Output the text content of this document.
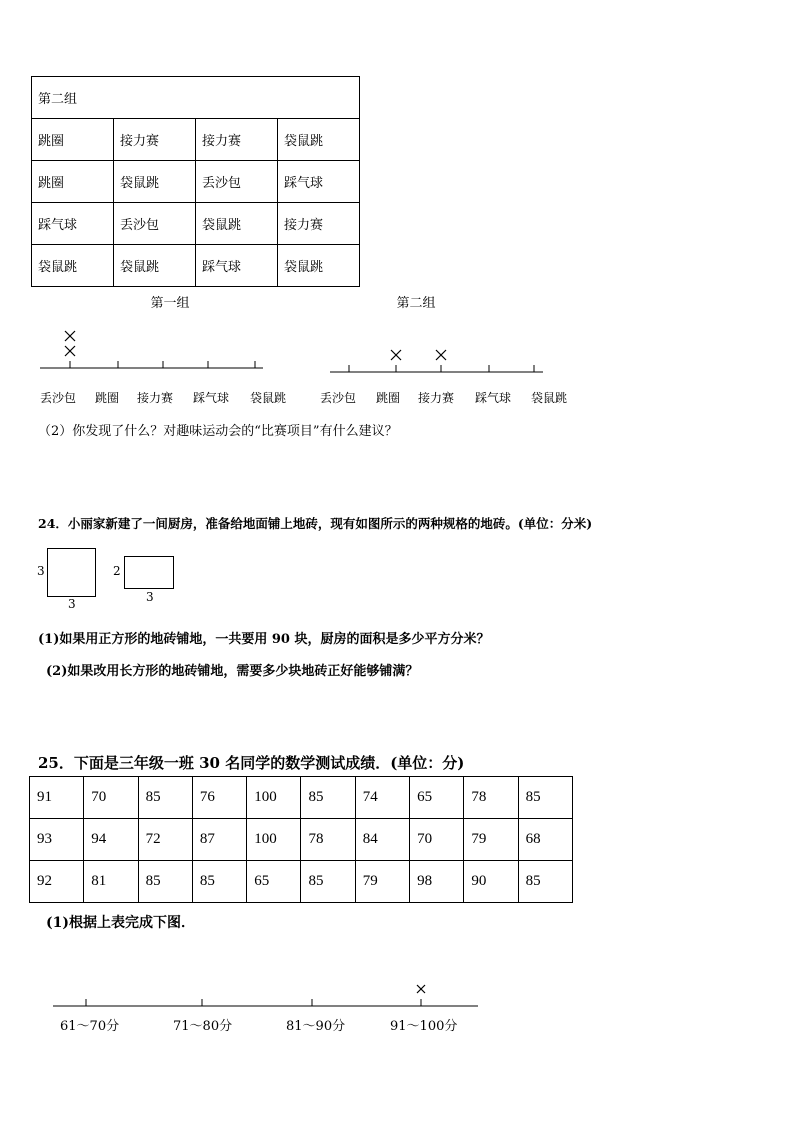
第二组			
跳圈	接力赛	接力赛	袋鼠跳
跳圈	袋鼠跳	丢沙包	踩气球
踩气球	丢沙包	袋鼠跳	接力赛
袋鼠跳	袋鼠跳	踩气球	袋鼠跳
第一组
丢沙包 跳圈 接力赛 踩气球 袋鼠跳
第二组
丢沙包 跳圈 接力赛 踩气球 袋鼠跳
61～70分	71～80分	81～90分	91～100分
（2）你发现了什么？对趣味运动会的“比赛项目”有什么建议？
24．小丽家新建了一间厨房，准备给地面铺上地砖，现有如图所示的两种规格的地砖。(单位：分米)
3
3
2
3
(1)如果用正方形的地砖铺地，一共要用 90 块，厨房的面积是多少平方分米？
(2)如果改用长方形的地砖铺地，需要多少块地砖正好能够铺满？
25．下面是三年级一班 30 名同学的数学测试成绩．(单位：分)
91	70	85	76	100	85	74	65	78	85
93	94	72	87	100	78	84	70	79	68
92	81	85	85	65	85	79	98	90	85
(1)根据上表完成下图．
